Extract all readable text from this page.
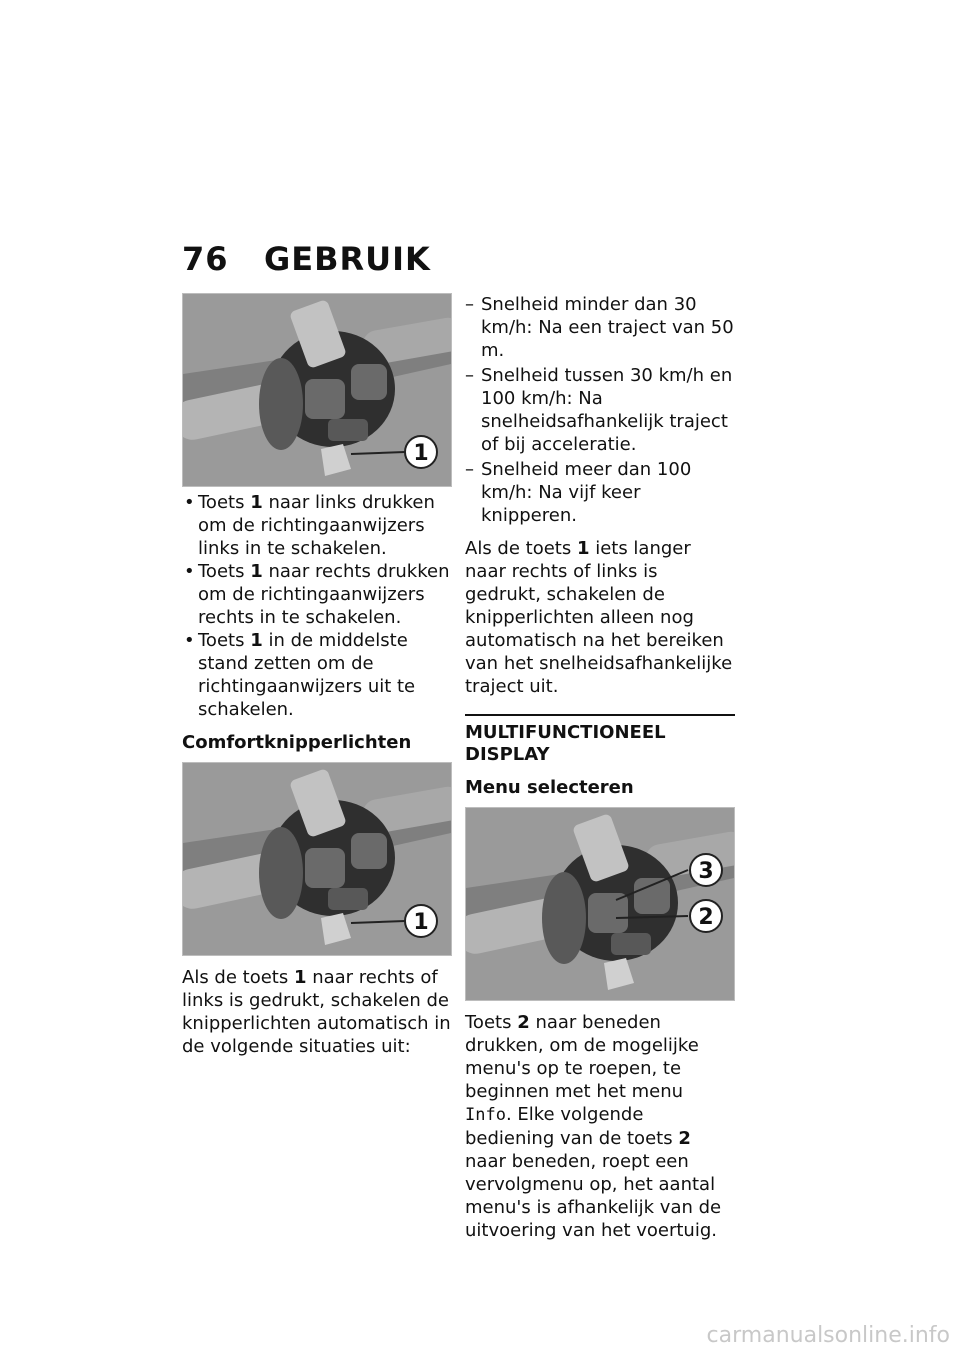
76 GEBRUIK
1
• Toets 1 naar links drukken om de richtingaanwijzers links in te schakelen.
• Toets 1 naar rechts drukken om de richtingaanwijzers rechts in te schakelen.
• Toets 1 in de middelste stand zetten om de richtingaanwijzers uit te schakelen.
Comfortknipperlichten
1
Als de toets 1 naar rechts of links is gedrukt, schakelen de knipperlichten automatisch in de volgende situaties uit:
– Snelheid minder dan 30 km/h: Na een traject van 50 m.
– Snelheid tussen 30 km/h en 100 km/h: Na snelheidsafhankelijk traject of bij acceleratie.
– Snelheid meer dan 100 km/h: Na vijf keer knipperen.
Als de toets 1 iets langer naar rechts of links is gedrukt, schakelen de knipperlichten alleen nog automatisch na het bereiken van het snelheidsafhankelijke traject uit.
MULTIFUNCTIONEEL DISPLAY
Menu selecteren
3
2
Toets 2 naar beneden drukken, om de mogelijke menu's op te roepen, te beginnen met het menu Info. Elke volgende bediening van de toets 2 naar beneden, roept een vervolgmenu op, het aantal menu's is afhankelijk van de uitvoering van het voertuig.
carmanualsonline.info
